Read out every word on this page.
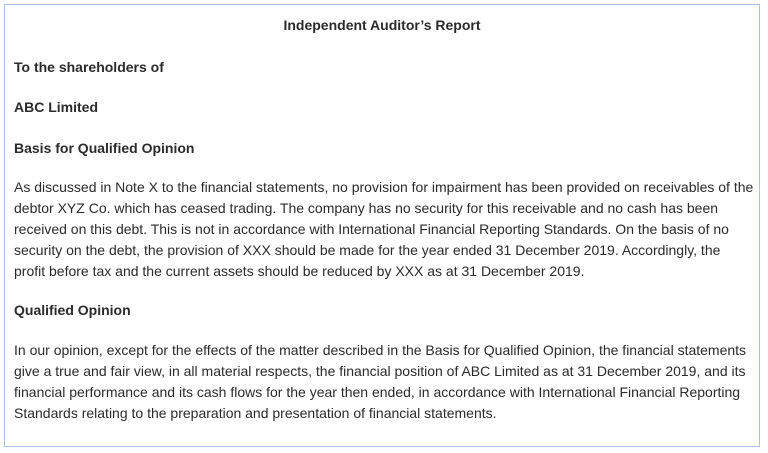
Independent Auditor’s Report

To the shareholders of

ABC Limited

Basis for Qualified Opinion

As discussed in Note X to the financial statements, no provision for impairment has been provided on receivables of the
debtor XYZ Co. which has ceased trading. The company has no security for this receivable and no cash has been
received on this debt. This is not in accordance with International Financial Reporting Standards. On the basis of no
security on the debt, the provision of XXX should be made for the year ended 31 December 2019. Accordingly, the
profit before tax and the current assets should be reduced by XXX as at 31 December 2019.

Qualified Opinion

In our opinion, except for the effects of the matter described in the Basis for Qualified Opinion, the financial statements
give a true and fair view, in all material respects, the financial position of ABC Limited as at 31 December 2019, and its
financial performance and its cash flows for the year then ended, in accordance with International Financial Reporting
Standards relating to the preparation and presentation of financial statements.
